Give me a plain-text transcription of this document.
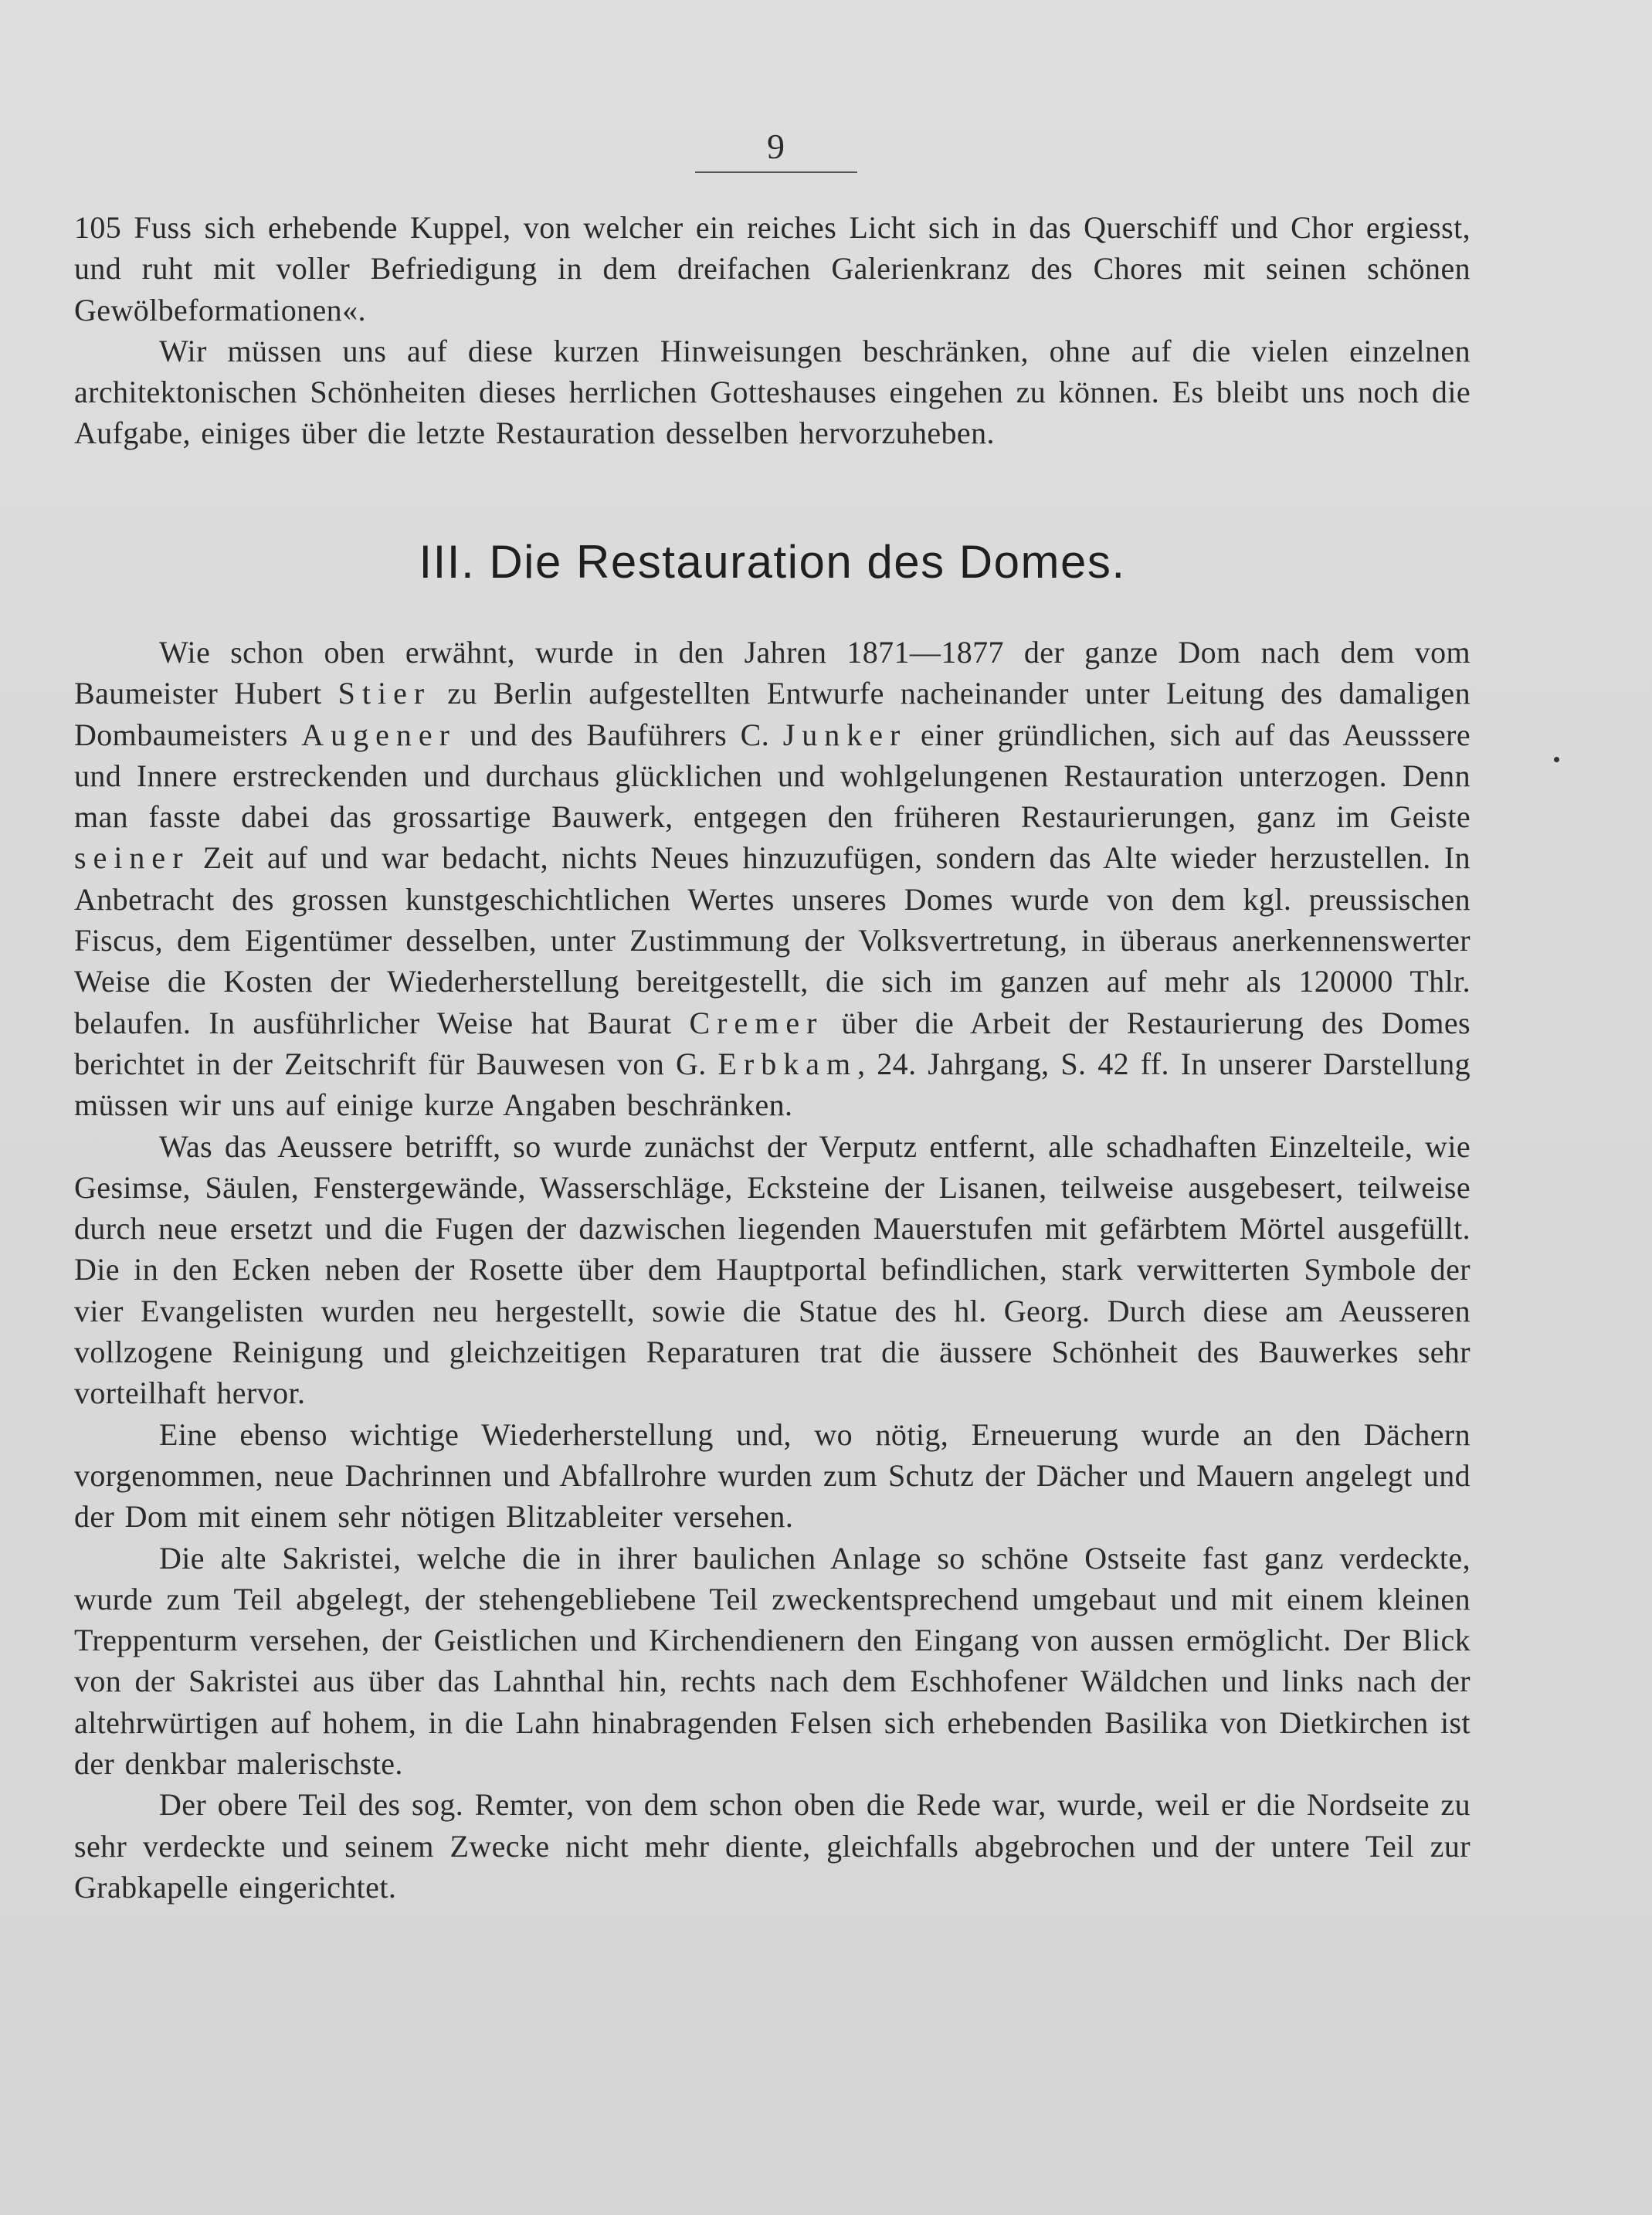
9

105 Fuss sich erhebende Kuppel, von welcher ein reiches Licht sich in das Querschiff und Chor ergiesst, und ruht mit voller Befriedigung in dem dreifachen Galerienkranz des Chores mit seinen schönen Gewölbeformationen«.

Wir müssen uns auf diese kurzen Hinweisungen beschränken, ohne auf die vielen einzelnen architektonischen Schönheiten dieses herrlichen Gotteshauses eingehen zu können. Es bleibt uns noch die Aufgabe, einiges über die letzte Restauration desselben hervorzuheben.

III. Die Restauration des Domes.

Wie schon oben erwähnt, wurde in den Jahren 1871—1877 der ganze Dom nach dem vom Baumeister Hubert Stier zu Berlin aufgestellten Entwurfe nacheinander unter Leitung des damaligen Dombaumeisters Augener und des Bauführers C. Junker einer gründlichen, sich auf das Aeusssere und Innere erstreckenden und durchaus glücklichen und wohlgelungenen Restauration unterzogen. Denn man fasste dabei das grossartige Bauwerk, entgegen den früheren Restaurierungen, ganz im Geiste seiner Zeit auf und war bedacht, nichts Neues hinzuzufügen, sondern das Alte wieder herzustellen. In Anbetracht des grossen kunstgeschichtlichen Wertes unseres Domes wurde von dem kgl. preussischen Fiscus, dem Eigentümer desselben, unter Zustimmung der Volksvertretung, in überaus anerkennenswerter Weise die Kosten der Wiederherstellung bereitgestellt, die sich im ganzen auf mehr als 120000 Thlr. belaufen. In ausführlicher Weise hat Baurat Cremer über die Arbeit der Restaurierung des Domes berichtet in der Zeitschrift für Bauwesen von G. Erbkam, 24. Jahrgang, S. 42 ff. In unserer Darstellung müssen wir uns auf einige kurze Angaben beschränken.

Was das Aeussere betrifft, so wurde zunächst der Verputz entfernt, alle schadhaften Einzelteile, wie Gesimse, Säulen, Fenstergewände, Wasserschläge, Ecksteine der Lisanen, teilweise ausgebesert, teilweise durch neue ersetzt und die Fugen der dazwischen liegenden Mauerstufen mit gefärbtem Mörtel ausgefüllt. Die in den Ecken neben der Rosette über dem Hauptportal befindlichen, stark verwitterten Symbole der vier Evangelisten wurden neu hergestellt, sowie die Statue des hl. Georg. Durch diese am Aeusseren vollzogene Reinigung und gleichzeitigen Reparaturen trat die äussere Schönheit des Bauwerkes sehr vorteilhaft hervor.

Eine ebenso wichtige Wiederherstellung und, wo nötig, Erneuerung wurde an den Dächern vorgenommen, neue Dachrinnen und Abfallrohre wurden zum Schutz der Dächer und Mauern angelegt und der Dom mit einem sehr nötigen Blitzableiter versehen.

Die alte Sakristei, welche die in ihrer baulichen Anlage so schöne Ostseite fast ganz verdeckte, wurde zum Teil abgelegt, der stehengebliebene Teil zweckentsprechend umgebaut und mit einem kleinen Treppenturm versehen, der Geistlichen und Kirchendienern den Eingang von aussen ermöglicht. Der Blick von der Sakristei aus über das Lahnthal hin, rechts nach dem Eschhofener Wäldchen und links nach der altehrwürtigen auf hohem, in die Lahn hinabragenden Felsen sich erhebenden Basilika von Dietkirchen ist der denkbar malerischste.

Der obere Teil des sog. Remter, von dem schon oben die Rede war, wurde, weil er die Nordseite zu sehr verdeckte und seinem Zwecke nicht mehr diente, gleichfalls abgebrochen und der untere Teil zur Grabkapelle eingerichtet.
